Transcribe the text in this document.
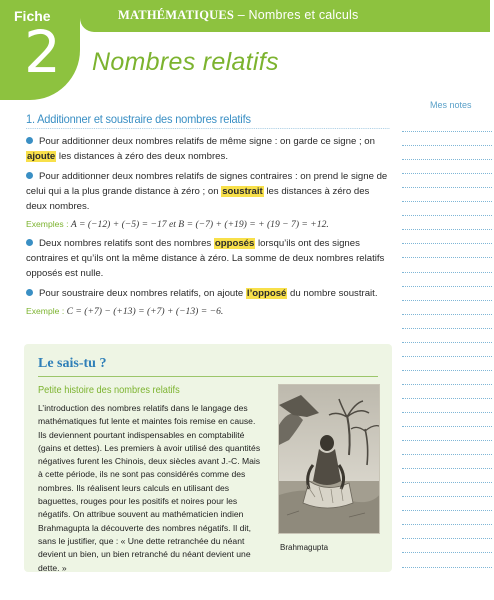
Fiche
2
MATHÉMATIQUES – Nombres et calculs
Nombres relatifs
Mes notes
1. Additionner et soustraire des nombres relatifs
Pour additionner deux nombres relatifs de même signe : on garde ce signe ; on ajoute les distances à zéro des deux nombres.
Pour additionner deux nombres relatifs de signes contraires : on prend le signe de celui qui a la plus grande distance à zéro ; on soustrait les distances à zéro des deux nombres.
Exemples : A = (−12) + (−5) = −17 et B = (−7) + (+19) = + (19 − 7) = +12.
Deux nombres relatifs sont des nombres opposés lorsqu’ils ont des signes contraires et qu’ils ont la même distance à zéro. La somme de deux nombres relatifs opposés est nulle.
Pour soustraire deux nombres relatifs, on ajoute l’opposé du nombre soustrait.
Exemple : C = (+7) − (+13) = (+7) + (−13) = −6.
Le sais-tu ?
Petite histoire des nombres relatifs
L’introduction des nombres relatifs dans le langage des mathématiques fut lente et maintes fois remise en cause. Ils deviennent pourtant indispensables en comptabilité (gains et dettes). Les premiers à avoir utilisé des quantités négatives furent les Chinois, deux siècles avant J.-C. Mais à cette période, ils ne sont pas considérés comme des nombres. Ils réalisent leurs calculs en utilisant des baguettes, rouges pour les positifs et noires pour les négatifs. On attribue souvent au mathématicien indien Brahmagupta la découverte des nombres négatifs. Il dit, sans le justifier, que : « Une dette retranchée du néant devient un bien, un bien retranché du néant devient une dette. »
Brahmagupta
